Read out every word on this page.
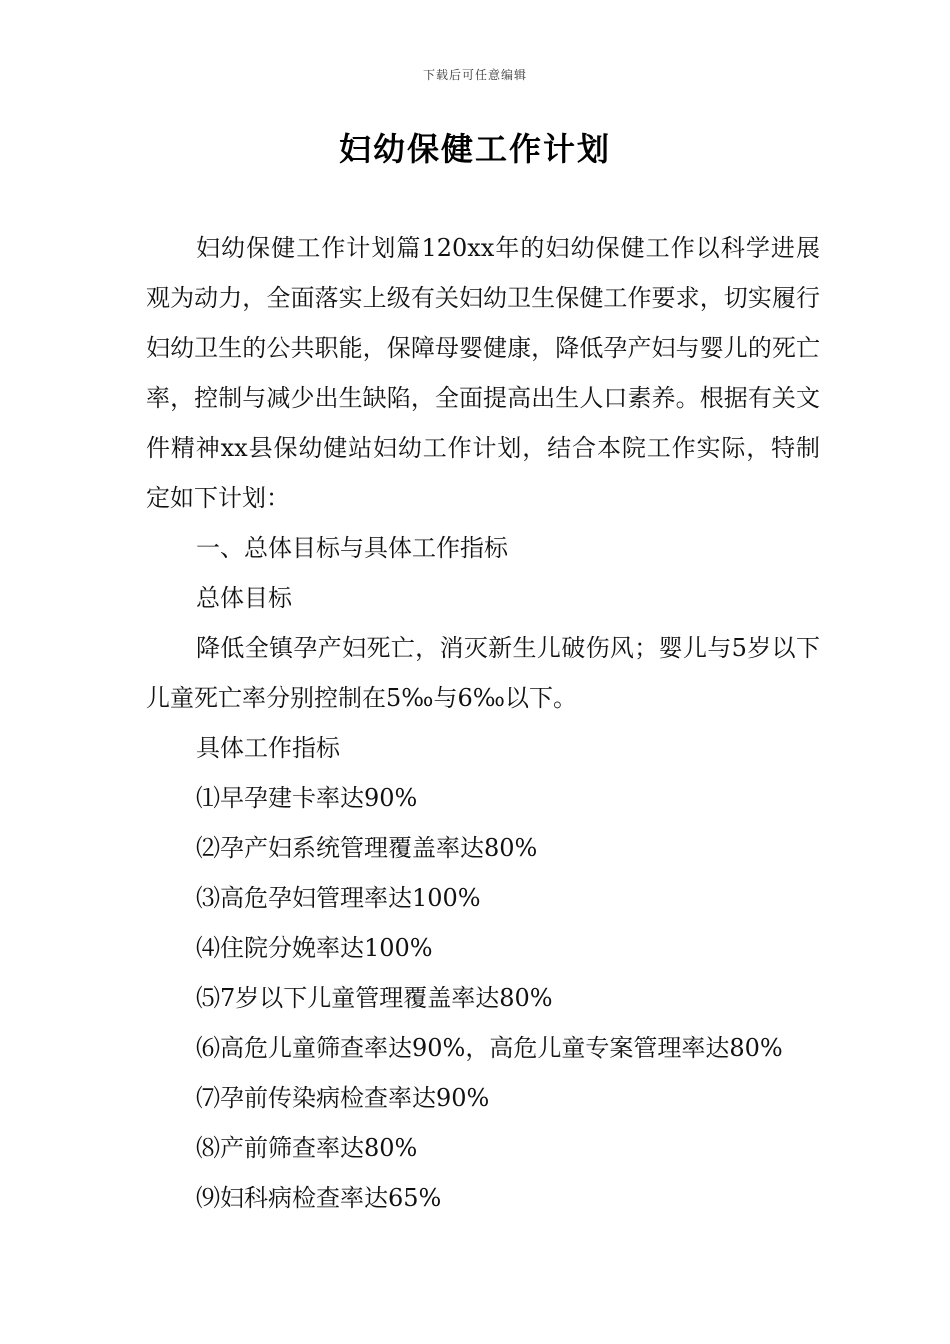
下载后可任意编辑
妇幼保健工作计划

妇幼保健工作计划篇120xx年的妇幼保健工作以科学进展观为动力，全面落实上级有关妇幼卫生保健工作要求，切实履行妇幼卫生的公共职能，保障母婴健康，降低孕产妇与婴儿的死亡率，控制与减少出生缺陷，全面提高出生人口素养。根据有关文件精神xx县保幼健站妇幼工作计划，结合本院工作实际，特制定如下计划：

一、总体目标与具体工作指标

总体目标

降低全镇孕产妇死亡，消灭新生儿破伤风；婴儿与5岁以下儿童死亡率分别控制在5‰与6‰以下。

具体工作指标

⑴早孕建卡率达90%

⑵孕产妇系统管理覆盖率达80%

⑶高危孕妇管理率达100%

⑷住院分娩率达100%

⑸7岁以下儿童管理覆盖率达80%

⑹高危儿童筛查率达90%，高危儿童专案管理率达80%

⑺孕前传染病检查率达90%

⑻产前筛查率达80%

⑼妇科病检查率达65%
